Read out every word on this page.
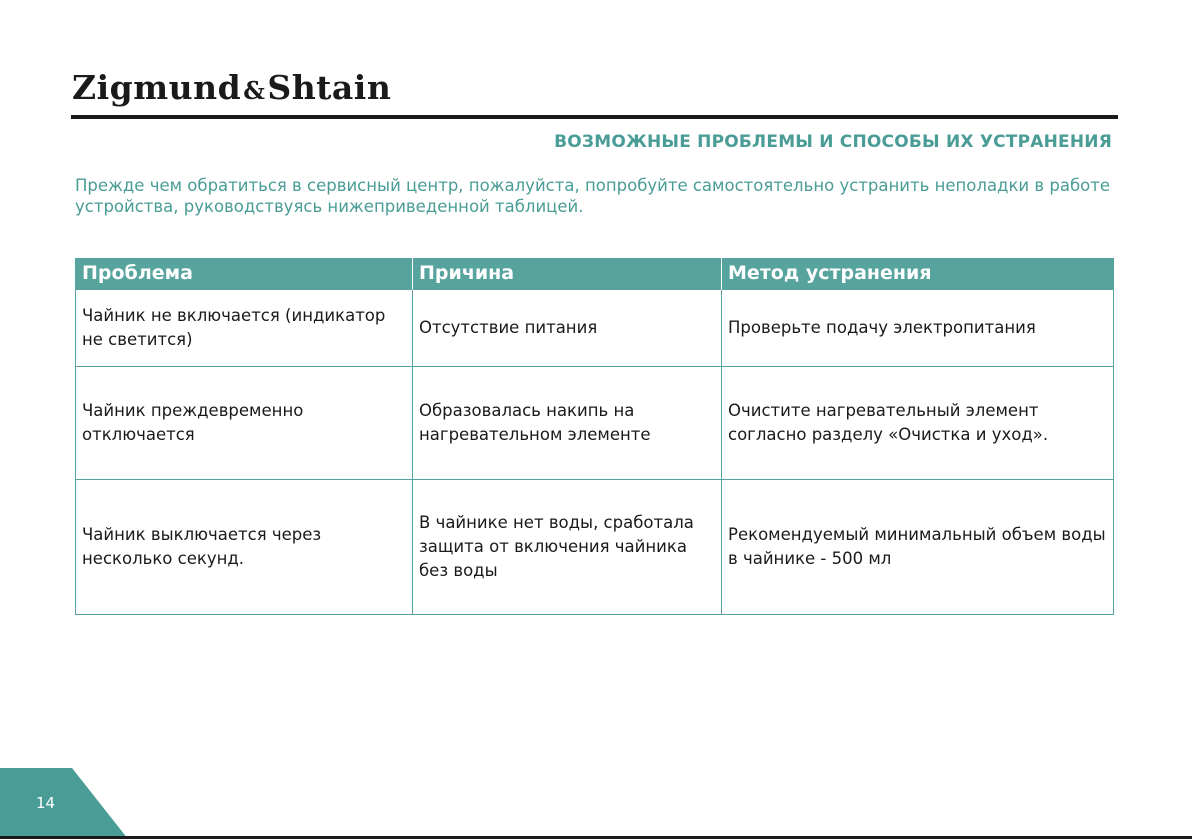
Zigmund&Shtain
ВОЗМОЖНЫЕ ПРОБЛЕМЫ И СПОСОБЫ ИХ УСТРАНЕНИЯ

Прежде чем обратиться в сервисный центр, пожалуйста, попробуйте самостоятельно устранить неполадки в работе устройства, руководствуясь нижеприведенной таблицей.

Проблема	Причина	Метод устранения
Чайник не включается (индикатор не светится)	Отсутствие питания	Проверьте подачу электропитания
Чайник преждевременно отключается	Образовалась накипь на нагревательном элементе	Очистите нагревательный элемент согласно разделу «Очистка и уход».
Чайник выключается через несколько секунд.	В чайнике нет воды, сработала защита от включения чайника без воды	Рекомендуемый минимальный объем воды в чайнике - 500 мл
14
